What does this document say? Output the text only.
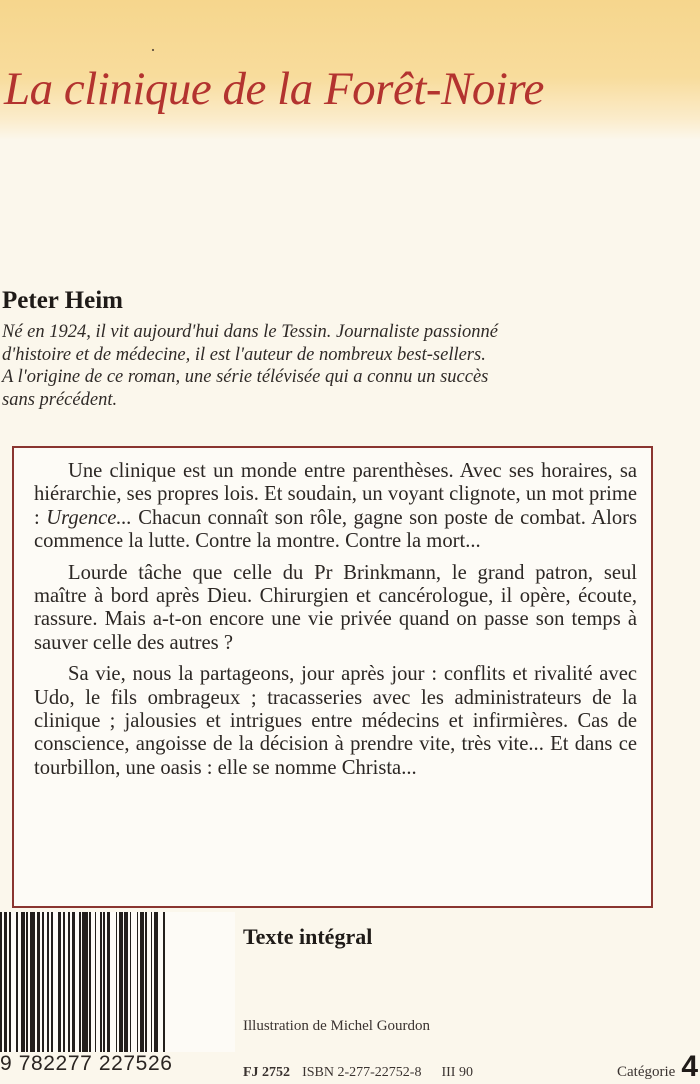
·
La clinique de la Forêt-Noire
Peter Heim
Né en 1924, il vit aujourd'hui dans le Tessin. Journaliste passionné
d'histoire et de médecine, il est l'auteur de nombreux best-sellers.
A l'origine de ce roman, une série télévisée qui a connu un succès
sans précédent.

Une clinique est un monde entre parenthèses. Avec ses horaires, sa hiérarchie, ses propres lois. Et soudain, un voyant clignote, un mot prime : Urgence... Chacun connaît son rôle, gagne son poste de combat. Alors commence la lutte. Contre la montre. Contre la mort...

Lourde tâche que celle du Pr Brinkmann, le grand patron, seul maître à bord après Dieu. Chirurgien et cancérologue, il opère, écoute, rassure. Mais a-t-on encore une vie privée quand on passe son temps à sauver celle des autres ?

Sa vie, nous la partageons, jour après jour : conflits et rivalité avec Udo, le fils ombrageux ; tracasseries avec les administrateurs de la clinique ; jalousies et intrigues entre médecins et infirmières. Cas de conscience, angoisse de la décision à prendre vite, très vite... Et dans ce tourbillon, une oasis : elle se nomme Christa...

9 782277 227526
Texte intégral
Illustration de Michel Gourdon
FJ 2752 ISBN 2-277-22752-8 III 90	Catégorie 4
